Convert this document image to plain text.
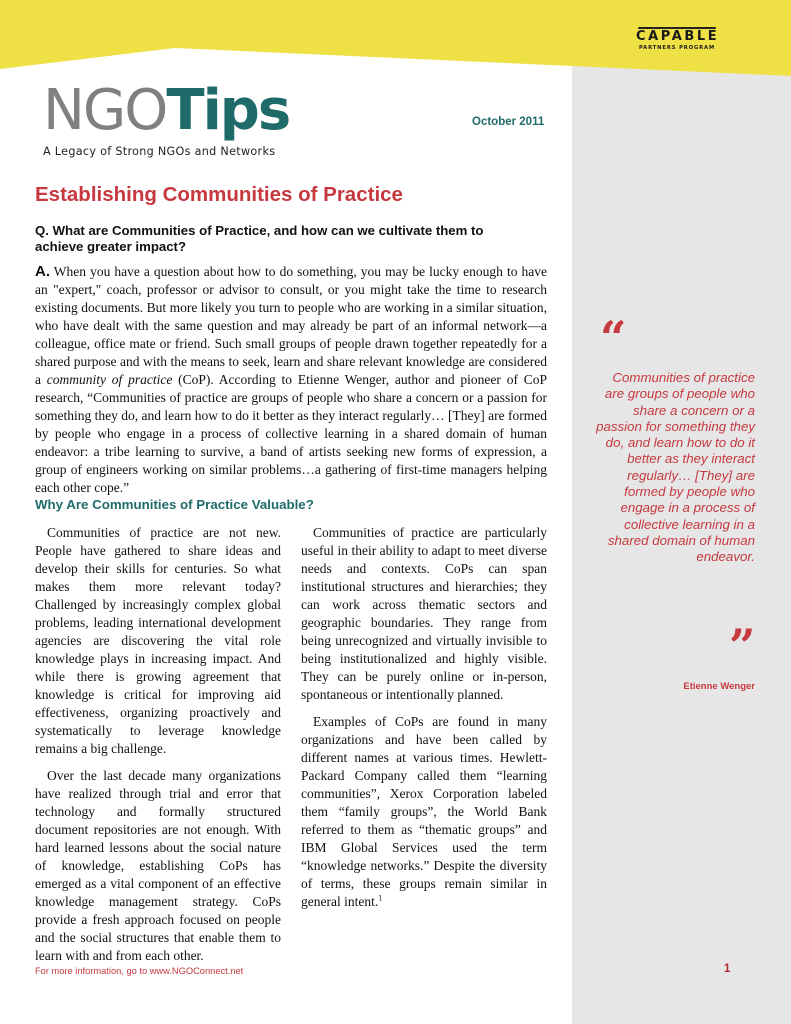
CAPABLE
PARTNERS PROGRAM
NGOTips
A Legacy of Strong NGOs and Networks
October 2011
Establishing Communities of Practice
Q. What are Communities of Practice, and how can we cultivate them to achieve greater impact?
A. When you have a question about how to do something, you may be lucky enough to have an "expert," coach, professor or advisor to consult, or you might take the time to research existing documents. But more likely you turn to people who are working in a similar situation, who have dealt with the same question and may already be part of an informal network—a colleague, office mate or friend. Such small groups of people drawn together repeatedly for a shared purpose and with the means to seek, learn and share relevant knowledge are considered a community of practice (CoP). According to Etienne Wenger, author and pioneer of CoP research, “Communities of practice are groups of people who share a concern or a passion for something they do, and learn how to do it better as they interact regularly… [They] are formed by people who engage in a process of collective learning in a shared domain of human endeavor: a tribe learning to survive, a band of artists seeking new forms of expression, a group of engineers working on similar problems…a gathering of first-time managers helping each other cope.”
Why Are Communities of Practice Valuable?

Communities of practice are not new. People have gathered to share ideas and develop their skills for centuries. So what makes them more relevant today? Challenged by increasingly complex global problems, leading international development agencies are discovering the vital role knowledge plays in increasing impact. And while there is growing agreement that knowledge is critical for improving aid effectiveness, organizing proactively and systematically to leverage knowledge remains a big challenge.

Over the last decade many organizations have realized through trial and error that technology and formally structured document repositories are not enough. With hard learned lessons about the social nature of knowledge, establishing CoPs has emerged as a vital component of an effective knowledge management strategy. CoPs provide a fresh approach focused on people and the social structures that enable them to learn with and from each other.

Communities of practice are particularly useful in their ability to adapt to meet diverse needs and contexts. CoPs can span institutional structures and hierarchies; they can work across thematic sectors and geographic boundaries. They range from being unrecognized and virtually invisible to being institutionalized and highly visible. They can be purely online or in-person, spontaneous or intentionally planned.

Examples of CoPs are found in many organizations and have been called by different names at various times. Hewlett-Packard Company called them “learning communities”, Xerox Corporation labeled them “family groups”, the World Bank referred to them as “thematic groups” and IBM Global Services used the term “knowledge networks.” Despite the diversity of terms, these groups remain similar in general intent.$^1$

“
Communities of practice are groups of people who share a concern or a passion for something they do, and learn how to do it better as they interact regularly… [They] are formed by people who engage in a process of collective learning in a shared domain of human endeavor.
”
Etienne Wenger
For more information, go to www.NGOConnect.net	1
